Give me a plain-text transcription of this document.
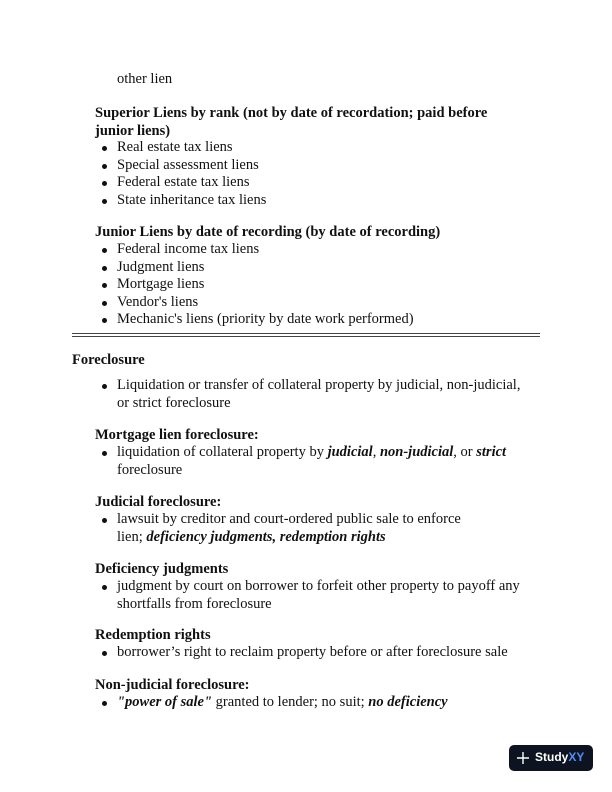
other lien
Superior Liens by rank (not by date of recordation; paid before
junior liens)
Real estate tax liens
Special assessment liens
Federal estate tax liens
State inheritance tax liens
Junior Liens by date of recording (by date of recording)
Federal income tax liens
Judgment liens
Mortgage liens
Vendor's liens
Mechanic's liens (priority by date work performed)
Foreclosure
Liquidation or transfer of collateral property by judicial, non-judicial,
or strict foreclosure
Mortgage lien foreclosure:
liquidation of collateral property by judicial, non-judicial, or strict
foreclosure
Judicial foreclosure:
lawsuit by creditor and court-ordered public sale to enforce
lien; deficiency judgments, redemption rights
Deficiency judgments
judgment by court on borrower to forfeit other property to payoff any
shortfalls from foreclosure
Redemption rights
borrower’s right to reclaim property before or after foreclosure sale
Non-judicial foreclosure:
"power of sale" granted to lender; no suit; no deficiency
Study XY
